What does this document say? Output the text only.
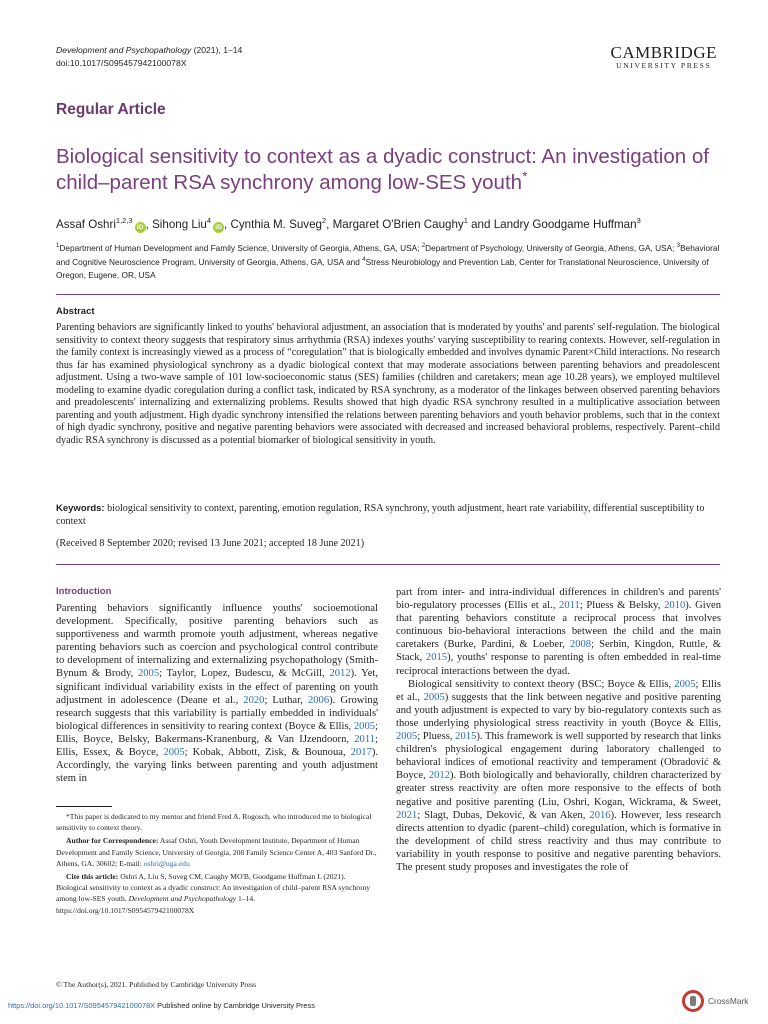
Development and Psychopathology (2021), 1–14
doi:10.1017/S095457942100078X
CAMBRIDGE
UNIVERSITY PRESS
Regular Article
Biological sensitivity to context as a dyadic construct: An investigation of child–parent RSA synchrony among low-SES youth*
Assaf Oshri$^{1,2,3}$iD , Sihong Liu$^4$iD , Cynthia M. Suveg$^2$, Margaret O'Brien Caughy$^1$ and Landry Goodgame Huffman$^3$
$^1$Department of Human Development and Family Science, University of Georgia, Athens, GA, USA; $^2$Department of Psychology, University of Georgia, Athens, GA, USA; $^3$Behavioral and Cognitive Neuroscience Program, University of Georgia, Athens, GA, USA and $^4$Stress Neurobiology and Prevention Lab, Center for Translational Neuroscience, University of Oregon, Eugene, OR, USA
Abstract
Parenting behaviors are significantly linked to youths' behavioral adjustment, an association that is moderated by youths' and parents' self-regulation. The biological sensitivity to context theory suggests that respiratory sinus arrhythmia (RSA) indexes youths' varying susceptibility to rearing contexts. However, self-regulation in the family context is increasingly viewed as a process of “coregulation” that is biologically embedded and involves dynamic Parent×Child interactions. No research thus far has examined physiological synchrony as a dyadic biological context that may moderate associations between parenting behaviors and preadolescent adjustment. Using a two-wave sample of 101 low-socioeconomic status (SES) families (children and caretakers; mean age 10.28 years), we employed multilevel modeling to examine dyadic coregulation during a conflict task, indicated by RSA synchrony, as a moderator of the linkages between observed parenting behaviors and preadolescents' internalizing and externalizing problems. Results showed that high dyadic RSA synchrony resulted in a multiplicative association between parenting and youth adjustment. High dyadic synchrony intensified the relations between parenting behaviors and youth behavior problems, such that in the context of high dyadic synchrony, positive and negative parenting behaviors were associated with decreased and increased behavioral problems, respectively. Parent–child dyadic RSA synchrony is discussed as a potential biomarker of biological sensitivity in youth.
Keywords: biological sensitivity to context, parenting, emotion regulation, RSA synchrony, youth adjustment, heart rate variability, differential susceptibility to context
(Received 8 September 2020; revised 13 June 2021; accepted 18 June 2021)
Introduction

Parenting behaviors significantly influence youths' socioemotional development. Specifically, positive parenting behaviors such as supportiveness and warmth promote youth adjustment, whereas negative parenting behaviors such as coercion and psychological control contribute to development of internalizing and externalizing psychopathology (Smith-Bynum & Brody, 2005; Taylor, Lopez, Budescu, & McGill, 2012). Yet, significant individual variability exists in the effect of parenting on youth adjustment in adolescence (Deane et al., 2020; Luthar, 2006). Growing research suggests that this variability is partially embedded in individuals' biological differences in sensitivity to rearing context (Boyce & Ellis, 2005; Ellis, Boyce, Belsky, Bakermans-Kranenburg, & Van IJzendoorn, 2011; Ellis, Essex, & Boyce, 2005; Kobak, Abbott, Zisk, & Bounoua, 2017). Accordingly, the varying links between parenting and youth adjustment stem in

part from inter- and intra-individual differences in children's and parents' bio-regulatory processes (Ellis et al., 2011; Pluess & Belsky, 2010). Given that parenting behaviors constitute a reciprocal process that involves continuous bio-behavioral interactions between the child and the main caretakers (Burke, Pardini, & Loeber, 2008; Serbin, Kingdon, Ruttle, & Stack, 2015), youths' response to parenting is often embedded in real-time reciprocal interactions between the dyad.

Biological sensitivity to context theory (BSC; Boyce & Ellis, 2005; Ellis et al., 2005) suggests that the link between negative and positive parenting and youth adjustment is expected to vary by bio-regulatory contexts such as those underlying physiological stress reactivity in youth (Boyce & Ellis, 2005; Pluess, 2015). This framework is well supported by research that links children's physiological engagement during laboratory challenged to behavioral indices of emotional reactivity and temperament (Obradović & Boyce, 2012). Both biologically and behaviorally, children characterized by greater stress reactivity are often more responsive to the effects of both negative and positive parenting (Liu, Oshri, Kogan, Wickrama, & Sweet, 2021; Slagt, Dubas, Deković, & van Aken, 2016). However, less research directs attention to dyadic (parent–child) coregulation, which is formative in the development of child stress reactivity and thus may contribute to variability in youth response to positive and negative parenting behaviors. The present study proposes and investigates the role of

*This paper is dedicated to my mentor and friend Fred A. Rogosch, who introduced me to biological sensitivity to context theory.

Author for Correspondence: Assaf Oshri, Youth Development Institute, Department of Human Development and Family Science, University of Georgia, 208 Family Science Center A, 403 Sanford Dr., Athens, GA, 30602; E-mail: oshri@uga.edu

Cite this article: Oshri A, Liu S, Suveg CM, Caughy MO'B, Goodgame Huffman L (2021). Biological sensitivity to context as a dyadic construct: An investigation of child–parent RSA synchrony among low-SES youth. Development and Psychopathology 1–14. https://doi.org/10.1017/S095457942100078X

© The Author(s), 2021. Published by Cambridge University Press
https://doi.org/10.1017/S095457942100078X Published online by Cambridge University Press	CrossMark
